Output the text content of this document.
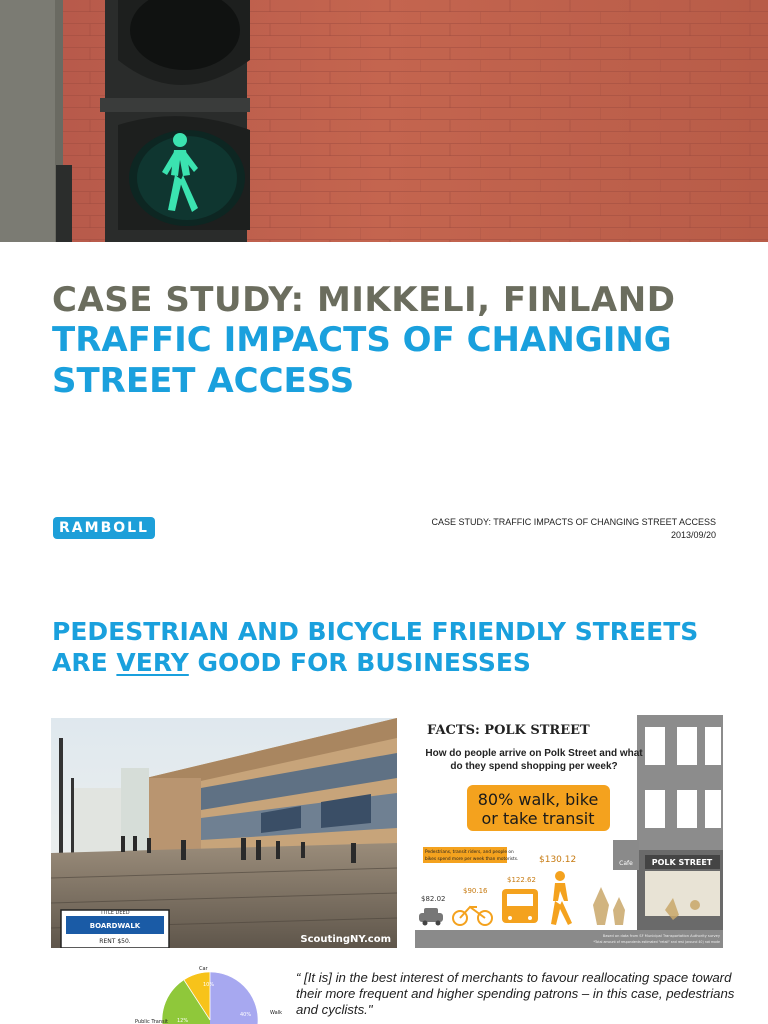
CASE STUDY: MIKKELI, FINLAND
TRAFFIC IMPACTS OF CHANGING STREET ACCESS
RAMBOLL	CASE STUDY: TRAFFIC IMPACTS OF CHANGING STREET ACCESS
2013/09/20
PEDESTRIAN AND BICYCLE FRIENDLY STREETS ARE VERY GOOD FOR BUSINESSES
TITLE DEED
BOARDWALK
RENT $50.	ScoutingNY.com
POLK STREET
Cafe
FACTS: POLK STREET
How do people arrive on Polk Street and what do they spend shopping per week?
80% walk, bike
or take transit
Pedestrians, transit riders, and people on
bikes spend more per week than motorists.
$82.02
$90.16
$122.62
$130.12
Based on data from SF Municipal Transportation Authority survey
*Total amount of respondents estimated "retail" and rest (around 40) not mode
Car
10%
40%	Walk
12%
Public Transit
“ [It is] in the best interest of merchants to favour reallocating space toward their more frequent and higher spending patrons – in this case, pedestrians and cyclists."
